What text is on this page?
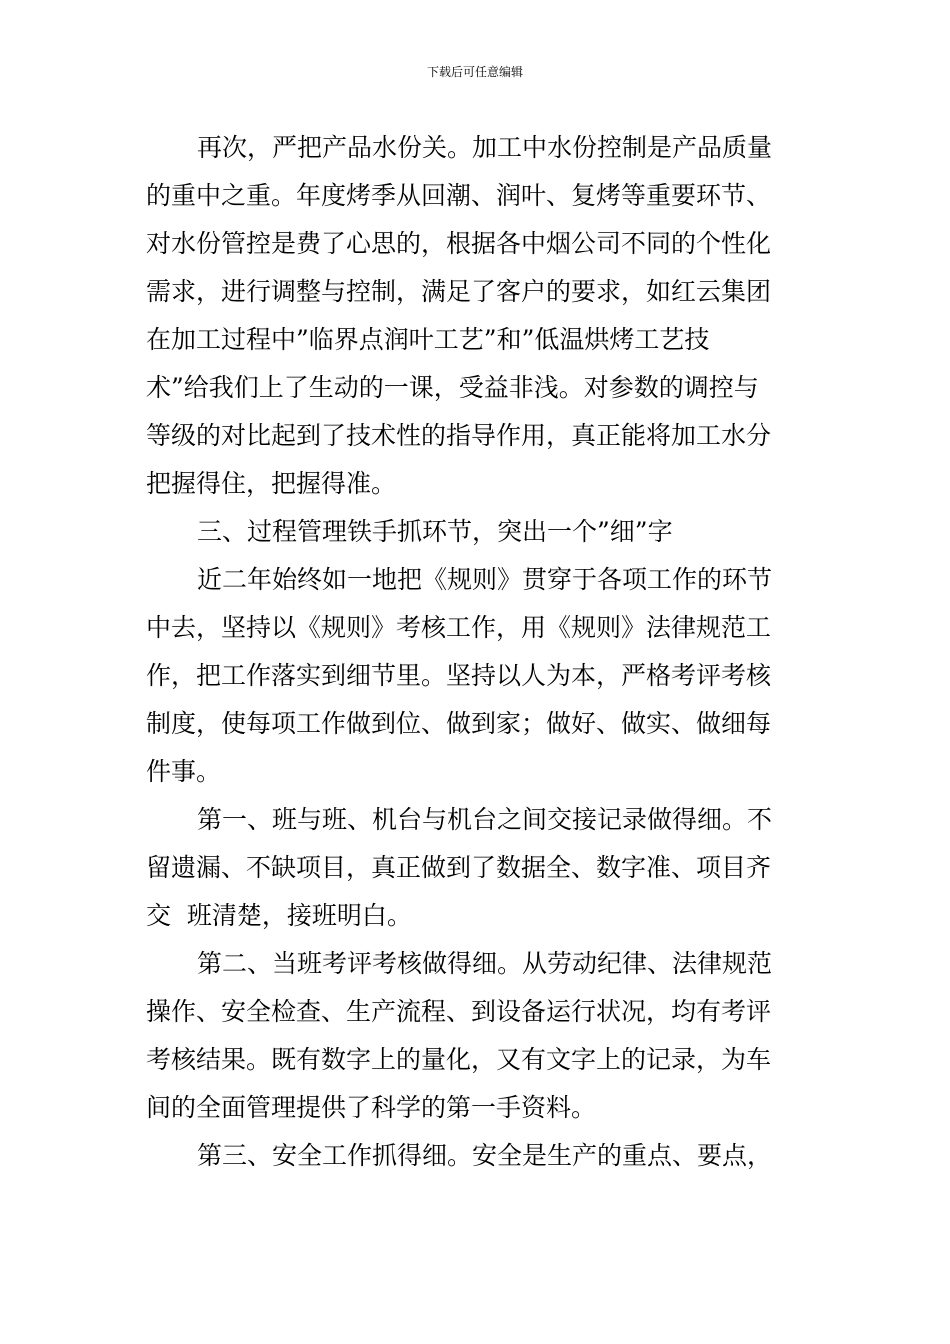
下载后可任意编辑
再次，严把产品水份关。加工中水份控制是产品质量
的重中之重。年度烤季从回潮、润叶、复烤等重要环节、
对水份管控是费了心思的，根据各中烟公司不同的个性化
需求，进行调整与控制，满足了客户的要求，如红云集团
在加工过程中”临界点润叶工艺”和”低温烘烤工艺技
术”给我们上了生动的一课，受益非浅。对参数的调控与
等级的对比起到了技术性的指导作用，真正能将加工水分
把握得住，把握得准。
三、过程管理铁手抓环节，突出一个”细”字
近二年始终如一地把《规则》贯穿于各项工作的环节
中去，坚持以《规则》考核工作，用《规则》法律规范工
作，把工作落实到细节里。坚持以人为本，严格考评考核
制度，使每项工作做到位、做到家；做好、做实、做细每
件事。
第一、班与班、机台与机台之间交接记录做得细。不
留遗漏、不缺项目，真正做到了数据全、数字准、项目齐
交  班清楚，接班明白。
第二、当班考评考核做得细。从劳动纪律、法律规范
操作、安全检查、生产流程、到设备运行状况，均有考评
考核结果。既有数字上的量化，又有文字上的记录，为车
间的全面管理提供了科学的第一手资料。
第三、安全工作抓得细。安全是生产的重点、要点，
